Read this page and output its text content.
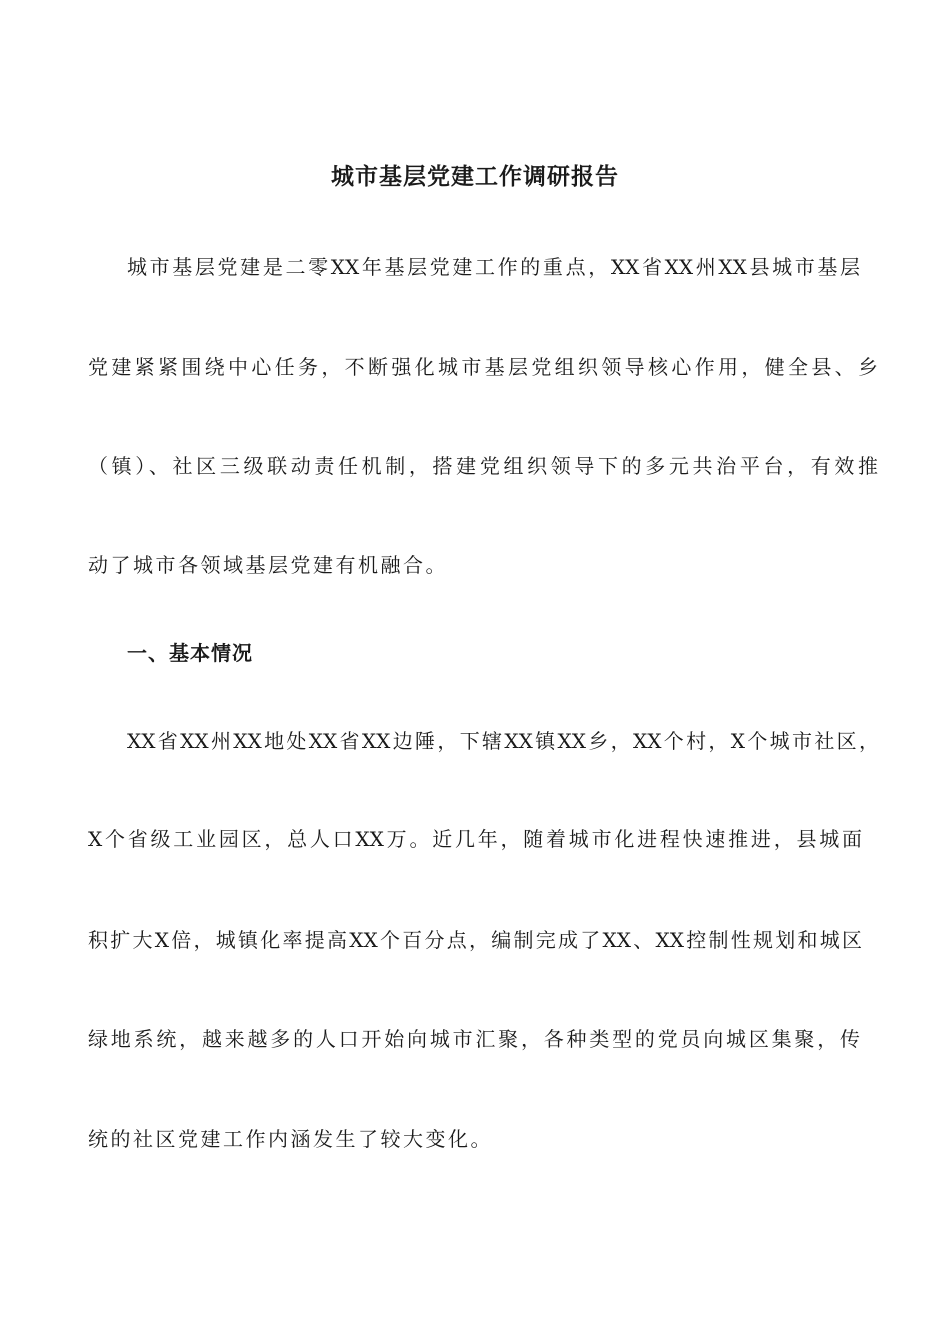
城市基层党建工作调研报告

城市基层党建是二零XX年基层党建工作的重点，XX省XX州XX县城市基层

党建紧紧围绕中心任务，不断强化城市基层党组织领导核心作用，健全县、乡

（镇）、社区三级联动责任机制，搭建党组织领导下的多元共治平台，有效推

动了城市各领域基层党建有机融合。

一、基本情况

XX省XX州XX地处XX省XX边陲，下辖XX镇XX乡，XX个村，X个城市社区，

X个省级工业园区，总人口XX万。近几年，随着城市化进程快速推进，县城面

积扩大X倍，城镇化率提高XX个百分点，编制完成了XX、XX控制性规划和城区

绿地系统，越来越多的人口开始向城市汇聚，各种类型的党员向城区集聚，传

统的社区党建工作内涵发生了较大变化。
